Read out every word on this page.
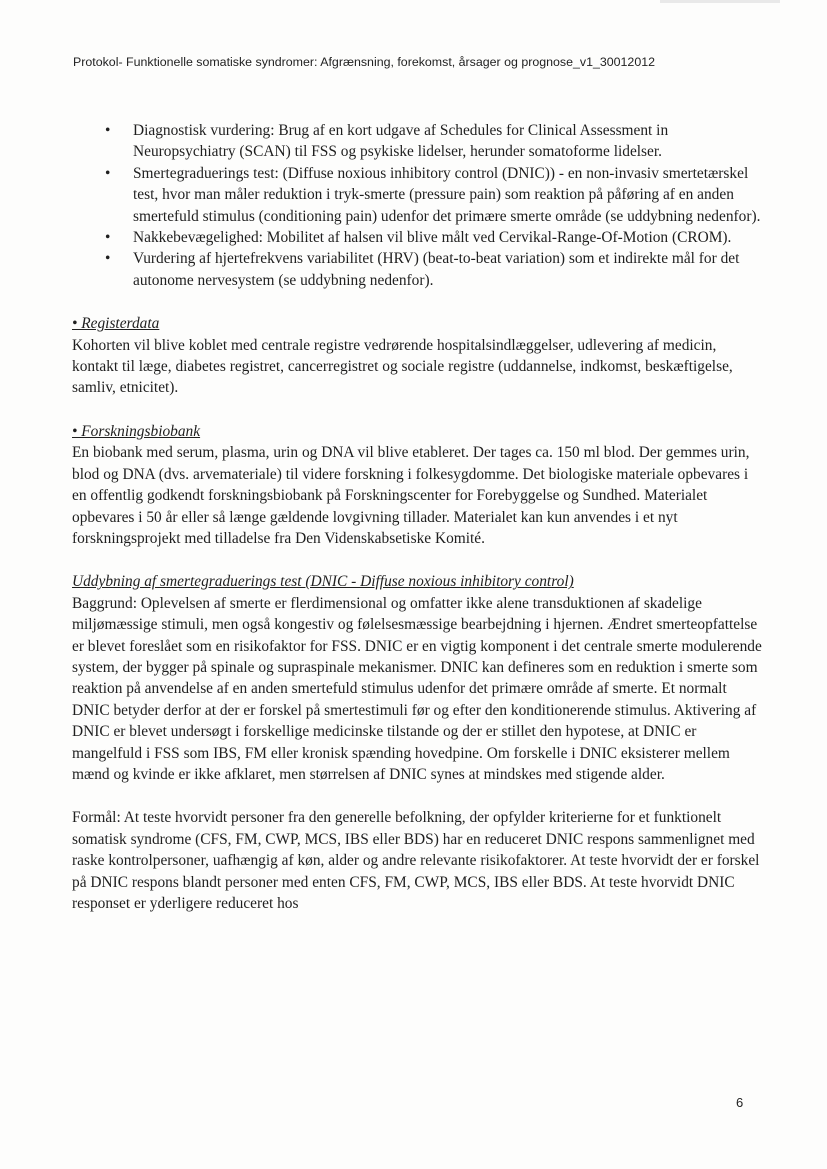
Protokol- Funktionelle somatiske syndromer: Afgrænsning, forekomst, årsager og prognose_v1_30012012
• Diagnostisk vurdering: Brug af en kort udgave af Schedules for Clinical Assessment in Neuropsychiatry (SCAN) til FSS og psykiske lidelser, herunder somatoforme lidelser.
• Smertegraduerings test: (Diffuse noxious inhibitory control (DNIC)) - en non-invasiv smertetærskel test, hvor man måler reduktion i tryk-smerte (pressure pain) som reaktion på påføring af en anden smertefuld stimulus (conditioning pain) udenfor det primære smerte område (se uddybning nedenfor).
• Nakkebevægelighed: Mobilitet af halsen vil blive målt ved Cervikal-Range-Of-Motion (CROM).
• Vurdering af hjertefrekvens variabilitet (HRV) (beat-to-beat variation) som et indirekte mål for det autonome nervesystem (se uddybning nedenfor).

• Registerdata

Kohorten vil blive koblet med centrale registre vedrørende hospitalsindlæggelser, udlevering af medicin, kontakt til læge, diabetes registret, cancerregistret og sociale registre (uddannelse, indkomst, beskæftigelse, samliv, etnicitet).

• Forskningsbiobank

En biobank med serum, plasma, urin og DNA vil blive etableret. Der tages ca. 150 ml blod. Der gemmes urin, blod og DNA (dvs. arvemateriale) til videre forskning i folkesygdomme. Det biologiske materiale opbevares i en offentlig godkendt forskningsbiobank på Forskningscenter for Forebyggelse og Sundhed. Materialet opbevares i 50 år eller så længe gældende lovgivning tillader. Materialet kan kun anvendes i et nyt forskningsprojekt med tilladelse fra Den Videnskabsetiske Komité.

Uddybning af smertegraduerings test (DNIC - Diffuse noxious inhibitory control)

Baggrund: Oplevelsen af smerte er flerdimensional og omfatter ikke alene transduktionen af skadelige miljømæssige stimuli, men også kongestiv og følelsesmæssige bearbejdning i hjernen. Ændret smerteopfattelse er blevet foreslået som en risikofaktor for FSS. DNIC er en vigtig komponent i det centrale smerte modulerende system, der bygger på spinale og supraspinale mekanismer. DNIC kan defineres som en reduktion i smerte som reaktion på anvendelse af en anden smertefuld stimulus udenfor det primære område af smerte. Et normalt DNIC betyder derfor at der er forskel på smertestimuli før og efter den konditionerende stimulus. Aktivering af DNIC er blevet undersøgt i forskellige medicinske tilstande og der er stillet den hypotese, at DNIC er mangelfuld i FSS som IBS, FM eller kronisk spænding hovedpine. Om forskelle i DNIC eksisterer mellem mænd og kvinde er ikke afklaret, men størrelsen af DNIC synes at mindskes med stigende alder.

Formål: At teste hvorvidt personer fra den generelle befolkning, der opfylder kriterierne for et funktionelt somatisk syndrome (CFS, FM, CWP, MCS, IBS eller BDS) har en reduceret DNIC respons sammenlignet med raske kontrolpersoner, uafhængig af køn, alder og andre relevante risikofaktorer. At teste hvorvidt der er forskel på DNIC respons blandt personer med enten CFS, FM, CWP, MCS, IBS eller BDS. At teste hvorvidt DNIC responset er yderligere reduceret hos

6
